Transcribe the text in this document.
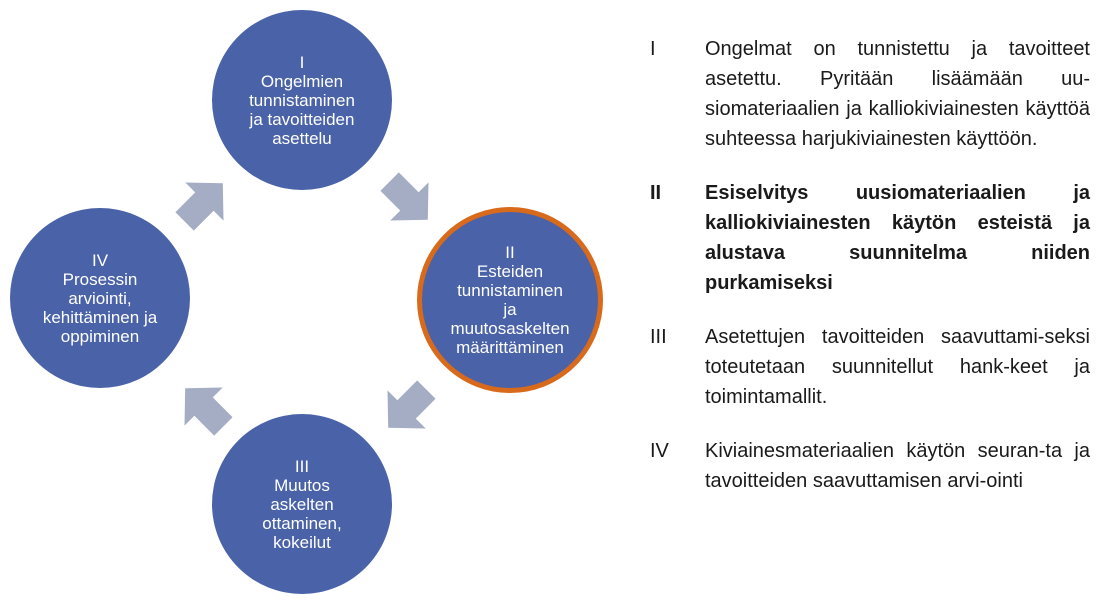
I
Ongelmien
tunnistaminen
ja tavoitteiden
asettelu
II
Esteiden
tunnistaminen
ja
muutosaskelten
määrittäminen
III
Muutos
askelten
ottaminen,
kokeilut
IV
Prosessin
arviointi,
kehittäminen ja
oppiminen
I	Ongelmat on tunnistettu ja tavoitteet asetettu. Pyritään lisäämään uu-siomateriaalien ja kalliokiviainesten käyttöä suhteessa harjukiviainesten käyttöön.
II	Esiselvitys uusiomateriaalien ja kalliokiviainesten käytön esteistä ja alustava suunnitelma niiden purkamiseksi
III	Asetettujen tavoitteiden saavuttami-seksi toteutetaan suunnitellut hank-keet ja toimintamallit.
IV	Kiviainesmateriaalien käytön seuran-ta ja tavoitteiden saavuttamisen arvi-ointi
